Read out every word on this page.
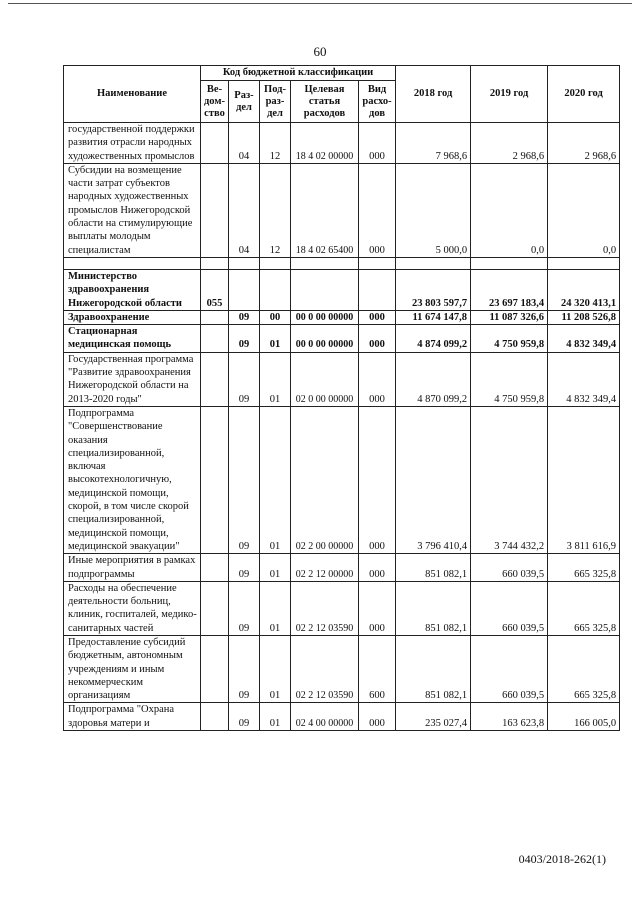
60
Наименование	Код бюджетной классификации					2018 год	2019 год	2020 год
	Ве-дом-ство	Раз-дел	Под-раз-дел	Целевая статья расходов	Вид расхо-дов			
государственной поддержки развития отрасли народных художественных промыслов		04	12	18 4 02 00000	000	7 968,6	2 968,6	2 968,6
Субсидии на возмещение части затрат субъектов народных художественных промыслов Нижегородской области на стимулирующие выплаты молодым специалистам		04	12	18 4 02 65400	000	5 000,0	0,0	0,0

Министерство здравоохранения Нижегородской области	055					23 803 597,7	23 697 183,4	24 320 413,1
Здравоохранение		09	00	00 0 00 00000	000	11 674 147,8	11 087 326,6	11 208 526,8
Стационарная медицинская помощь		09	01	00 0 00 00000	000	4 874 099,2	4 750 959,8	4 832 349,4
Государственная программа "Развитие здравоохранения Нижегородской области на 2013-2020 годы"		09	01	02 0 00 00000	000	4 870 099,2	4 750 959,8	4 832 349,4
Подпрограмма "Совершенствование оказания специализированной, включая высокотехнологичную, медицинской помощи, скорой, в том числе скорой специализированной, медицинской помощи, медицинской эвакуации"		09	01	02 2 00 00000	000	3 796 410,4	3 744 432,2	3 811 616,9
Иные мероприятия в рамках подпрограммы		09	01	02 2 12 00000	000	851 082,1	660 039,5	665 325,8
Расходы на обеспечение деятельности больниц, клиник, госпиталей, медико-санитарных частей		09	01	02 2 12 03590	000	851 082,1	660 039,5	665 325,8
Предоставление субсидий бюджетным, автономным учреждениям и иным некоммерческим организациям		09	01	02 2 12 03590	600	851 082,1	660 039,5	665 325,8
Подпрограмма "Охрана здоровья матери и		09	01	02 4 00 00000	000	235 027,4	163 623,8	166 005,0
0403/2018-262(1)
